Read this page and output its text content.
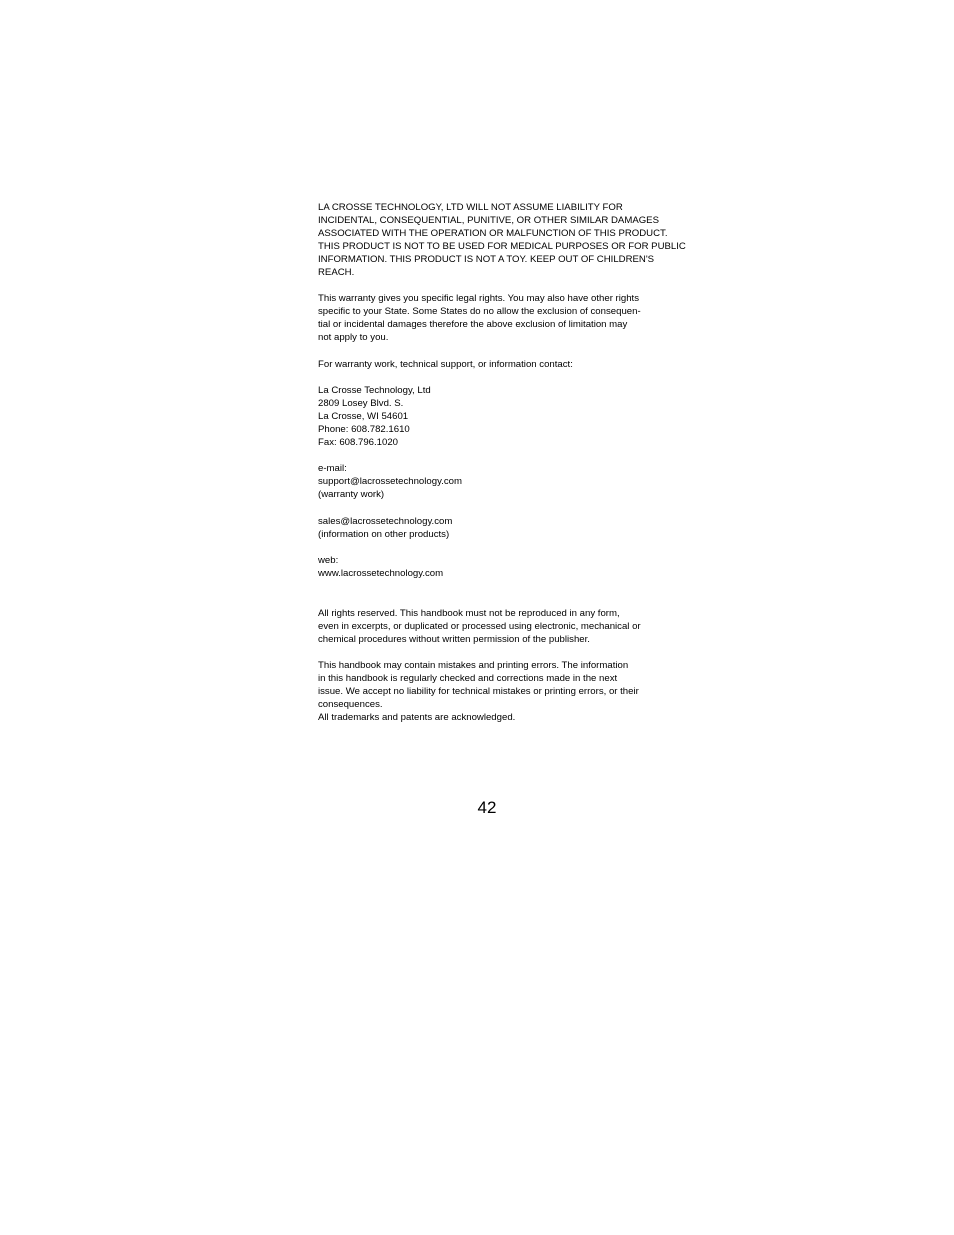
LA CROSSE TECHNOLOGY, LTD WILL NOT ASSUME LIABILITY FOR
INCIDENTAL, CONSEQUENTIAL, PUNITIVE, OR OTHER SIMILAR DAMAGES
ASSOCIATED WITH THE OPERATION OR MALFUNCTION OF THIS PRODUCT.
THIS PRODUCT IS NOT TO BE USED FOR MEDICAL PURPOSES OR FOR PUBLIC
INFORMATION. THIS PRODUCT IS NOT A TOY. KEEP OUT OF CHILDREN'S
REACH.
This warranty gives you specific legal rights. You may also have other rights
specific to your State. Some States do no allow the exclusion of consequen-
tial or incidental damages therefore the above exclusion of limitation may
not apply to you.
For warranty work, technical support, or information contact:
La Crosse Technology, Ltd
2809 Losey Blvd. S.
La Crosse, WI 54601
Phone: 608.782.1610
Fax: 608.796.1020
e-mail:
support@lacrossetechnology.com
(warranty work)
sales@lacrossetechnology.com
(information on other products)
web:
www.lacrossetechnology.com
All rights reserved. This handbook must not be reproduced in any form,
even in excerpts, or duplicated or processed using electronic, mechanical or
chemical procedures without written permission of the publisher.
This handbook may contain mistakes and printing errors. The information
in this handbook is regularly checked and corrections made in the next
issue. We accept no liability for technical mistakes or printing errors, or their
consequences.
All trademarks and patents are acknowledged.
42
